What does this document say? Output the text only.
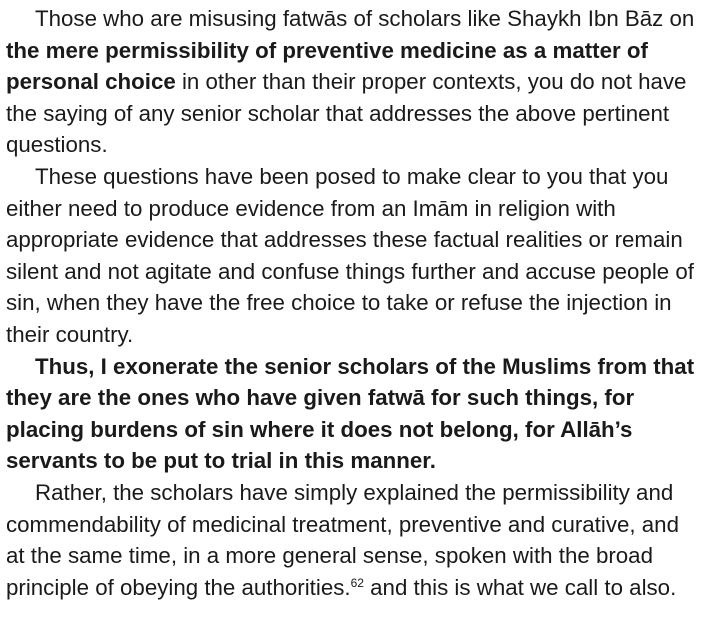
Those who are misusing fatwās of scholars like Shaykh Ibn Bāz on the mere permissibility of preventive medicine as a matter of personal choice in other than their proper contexts, you do not have the saying of any senior scholar that addresses the above pertinent questions.

These questions have been posed to make clear to you that you either need to produce evidence from an Imām in religion with appropriate evidence that addresses these factual realities or remain silent and not agitate and confuse things further and accuse people of sin, when they have the free choice to take or refuse the injection in their country.

Thus, I exonerate the senior scholars of the Muslims from that they are the ones who have given fatwā for such things, for placing burdens of sin where it does not belong, for Allāh’s servants to be put to trial in this manner.

Rather, the scholars have simply explained the permissibility and commendability of medicinal treatment, preventive and curative, and at the same time, in a more general sense, spoken with the broad principle of obeying the authorities.$^{62}$ and this is what we call to also.
